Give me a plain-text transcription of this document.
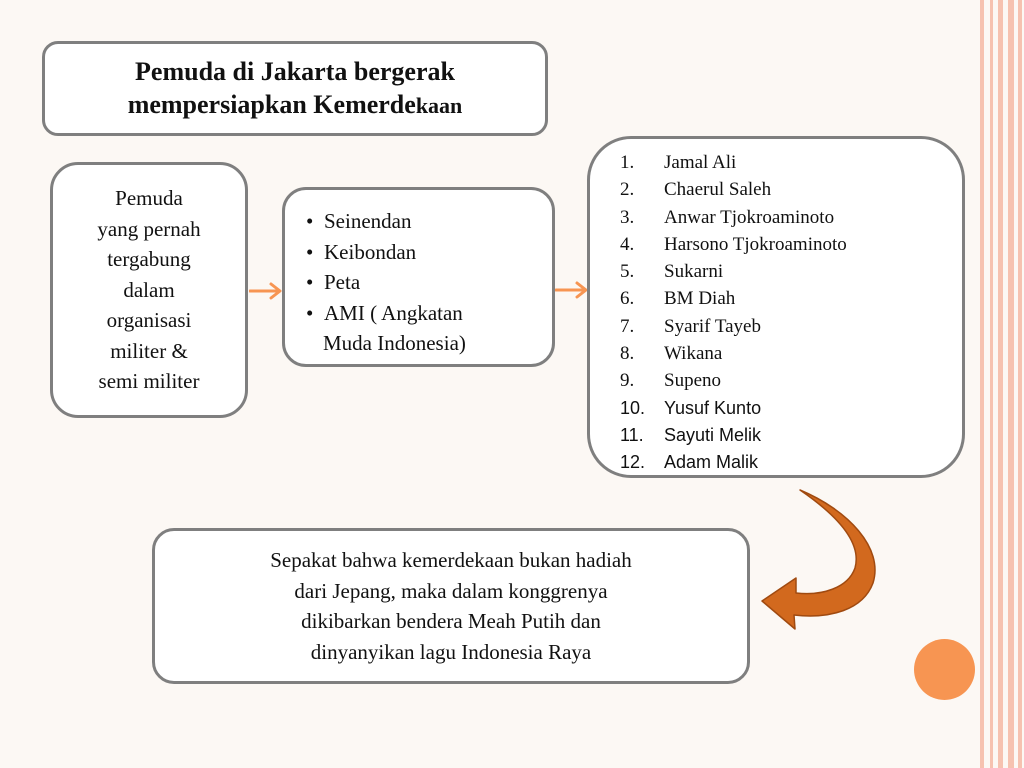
Pemuda di Jakarta bergerak
mempersiapkan Kemerdekaan
Pemuda
yang pernah
tergabung
dalam
organisasi
militer &
semi militer
• Seinendan
• Keibondan
• Peta
• AMI ( Angkatan
Muda Indonesia)
1. Jamal Ali
2. Chaerul Saleh
3. Anwar Tjokroaminoto
4. Harsono Tjokroaminoto
5. Sukarni
6. BM Diah
7. Syarif Tayeb
8. Wikana
9. Supeno
10. Yusuf Kunto
11. Sayuti Melik
12. Adam Malik
Sepakat bahwa kemerdekaan bukan hadiah
dari Jepang, maka dalam konggrenya
dikibarkan bendera Meah Putih dan
dinyanyikan lagu Indonesia Raya
